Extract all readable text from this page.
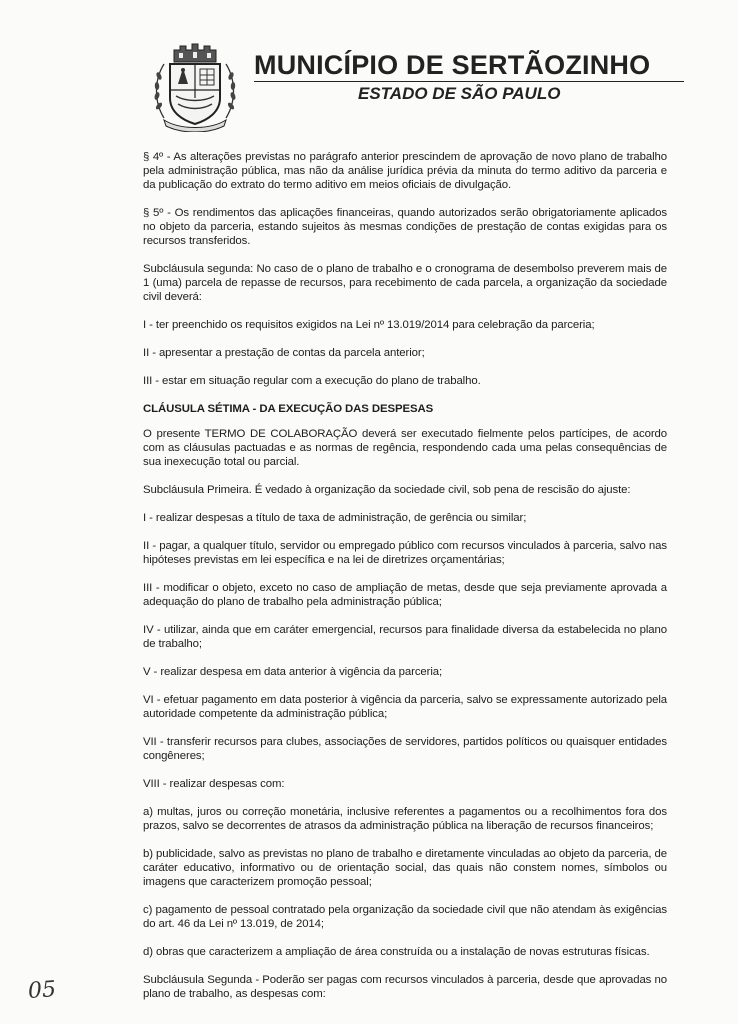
MUNICÍPIO DE SERTÃOZINHO
ESTADO DE SÃO PAULO

§ 4º - As alterações previstas no parágrafo anterior prescindem de aprovação de novo plano de trabalho pela administração pública, mas não da análise jurídica prévia da minuta do termo aditivo da parceria e da publicação do extrato do termo aditivo em meios oficiais de divulgação.

§ 5º - Os rendimentos das aplicações financeiras, quando autorizados serão obrigatoriamente aplicados no objeto da parceria, estando sujeitos às mesmas condições de prestação de contas exigidas para os recursos transferidos.

Subcláusula segunda: No caso de o plano de trabalho e o cronograma de desembolso preverem mais de 1 (uma) parcela de repasse de recursos, para recebimento de cada parcela, a organização da sociedade civil deverá:

I - ter preenchido os requisitos exigidos na Lei nº 13.019/2014 para celebração da parceria;

II - apresentar a prestação de contas da parcela anterior;

III - estar em situação regular com a execução do plano de trabalho.

CLÁUSULA SÉTIMA - DA EXECUÇÃO DAS DESPESAS

O presente TERMO DE COLABORAÇÃO deverá ser executado fielmente pelos partícipes, de acordo com as cláusulas pactuadas e as normas de regência, respondendo cada uma pelas consequências de sua inexecução total ou parcial.

Subcláusula Primeira. É vedado à organização da sociedade civil, sob pena de rescisão do ajuste:

I - realizar despesas a título de taxa de administração, de gerência ou similar;

II - pagar, a qualquer título, servidor ou empregado público com recursos vinculados à parceria, salvo nas hipóteses previstas em lei específica e na lei de diretrizes orçamentárias;

III - modificar o objeto, exceto no caso de ampliação de metas, desde que seja previamente aprovada a adequação do plano de trabalho pela administração pública;

IV - utilizar, ainda que em caráter emergencial, recursos para finalidade diversa da estabelecida no plano de trabalho;

V - realizar despesa em data anterior à vigência da parceria;

VI - efetuar pagamento em data posterior à vigência da parceria, salvo se expressamente autorizado pela autoridade competente da administração pública;

VII - transferir recursos para clubes, associações de servidores, partidos políticos ou quaisquer entidades congêneres;

VIII - realizar despesas com:

a) multas, juros ou correção monetária, inclusive referentes a pagamentos ou a recolhimentos fora dos prazos, salvo se decorrentes de atrasos da administração pública na liberação de recursos financeiros;

b) publicidade, salvo as previstas no plano de trabalho e diretamente vinculadas ao objeto da parceria, de caráter educativo, informativo ou de orientação social, das quais não constem nomes, símbolos ou imagens que caracterizem promoção pessoal;

c) pagamento de pessoal contratado pela organização da sociedade civil que não atendam às exigências do art. 46 da Lei nº 13.019, de 2014;

d) obras que caracterizem a ampliação de área construída ou a instalação de novas estruturas físicas.

Subcláusula Segunda - Poderão ser pagas com recursos vinculados à parceria, desde que aprovadas no plano de trabalho, as despesas com:

05
